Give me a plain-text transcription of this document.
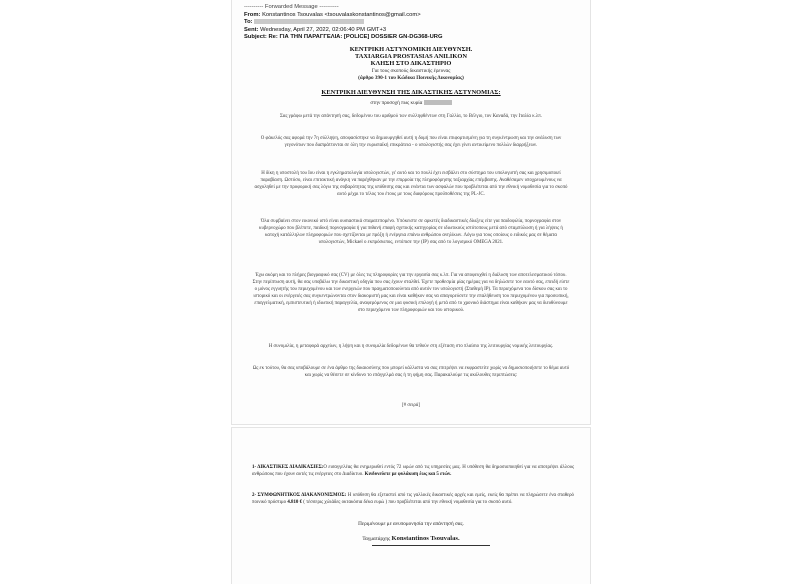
---------- Forwarded Message ----------
From: Konstantinos Tsouvalas <tsouvalaskonstantinos@gmail.com>
To:
Sent: Wednesday, April 27, 2022, 02:06:40 PM GMT+3
Subject: Re: ΓΙΑ ΤΗΝ ΠΑΡΑΓΓΕΛΙΑ: [POLICE] DOSSIER GN-DG368-URG
ΚΕΝΤΡΙΚΗ ΑΣΤΥΝΟΜΙΚΗ ΔΙΕΥΘΥΝΣΗ.
TAXIARGIA PROSTASIAS ANILIKON
ΚΛΗΣΗ ΣΤΟ ΔΙΚΑΣΤΗΡΙΟ
Για τους σκοπούς δικαστικής έρευνας
(άρθρο 390-1 του Κώδικα Ποινικής Δικονομίας)
ΚΕΝΤΡΙΚΗ ΔΙΕΥΘΥΝΣΗ ΤΗΣ ΔΙΚΑΣΤΙΚΗΣ ΑΣΤΥΝΟΜΙΑΣ:
στην προσοχή πως κυρία
Σας γράφω μετά την απάντησή σας, δεδομένου του αριθμού των συλληφθέντων στη Γαλλία, το Βέλγιο, τον Καναδά, την Ιταλία κ.λπ.
Ο φάκελός σας αφορά την 7η σύλληψη, αποφασίστηκε να δημιουργηθεί αυτή η δομή που είναι επιφορτισμένη για τη συγκέντρωση και την ανάλυση των γεγονότων που διαπράττονται σε όλη την ευρωπαϊκή επικράτεια - ο υπολογιστής σας έχει γίνει αντικείμενο πολλών διαρρήξεων.
Η δίκη η υποστολή του Ιου είναι η εγκληματολογία υπολογιστών, γι' αυτό και το πουλί έχει εισβάλει στο σύστημα του υπολογιστή σας και χρησιμοποιεί παραβίαση. Ωστόσο, είναι επιτακτική ανάγκη να παρέχθηκαν με την επιρροία της πληροφόρησης ταξιαρχίας επέμβασης. Αναθέσαμεν υποχρεωμένους να ασχοληθεί με την προφορική σας λόγω της σοβαρότητας της υπόθεσης σας και ενάντια των ασφαλών που προβλέπεται από την εθνική νομοθεσία για το σκοπό αυτό μέχρι το τέλος του έτους με τους διαφόρους προϋποθέσεις της PL-JC.
Όλα συμβαίνει στον εικονικό ιστό είναι ουσιαστικά σταματεπομένο. Υπόκειστε σε αρκετές διαδικαστικές δίωξεις είτε για παιδοφιλία, πορνογραφία στον κυβερνοχώρο που βλέπετε, παιδική πορνογραφία ή για πιθανή επαφή σχετικής κατηγορίας σε ιδιωτικούς ιστότοπους μετά από σταμπύλωση ή για λήψεις ή κατοχή κατάλληλων πληροφοριών που σχετίζονται με πρόξη ή ενέργεια επάνω ανθρώπου ανηλίκων. Λόγω για τους οποίους ο ειδικός μας σε θέματα υπολογιστών, Mickael ο εκπρόσωπος, εντόπισε την (IP) σας από το λογισμικό OMEGA 2021.
Έχω ακόμη και το πλήρες βιογραφικό σας (CV) με όλες τις πληροφορίες για την εργασία σας κ.λπ. Για να αποφευχθεί η διάλυση των αποτελεσματικού τόπου. Στην περίπτωση αυτή, θα σας υποβάλω την δικαστική οδηγία που σας έχουν σταλθεί. Έχετε προθεσμία μίας ημέρας για να δηλώσετε τον εαυτό σας, επειδή είστε ο μόνος εγγυητής του περιεχομένου και των ενεργειών που πραγματοποιούνται από αυτόν τον υπολογιστή (Σταθερή IP). Τα περιεχόμενα του δίσκου σας και το ιστορικό και οι ενέργειές σας συγκεντρώνονται στον διακομιστή μας και είναι καθήκον σας να απαγορεύσετε την επαλήθευση του περιεχομένου για προσωπική, επαγγελματική, εμπιστευτική ή ιδιωτική παραγγελία, αναφερόμενος σε μια φυσική επιλογή ή μετά από το χρονικό διάστημα είναι καθήκον μας να διευθύνουμε στο περιεχόμενο των πληροφοριών και του ιστορικού.
Η συνομιλία, η μεταφορά αρχείων, η λήψη και η συνομιλία δεδομένων θα τεθούν στη εξέταση στο πλαίσιο της λειτουργίας νομικής λειτουργίας.
Ως εκ τούτου, θα σας υποβάλουμε σε ένα άρθρο της δικαιοσύνης που μπορεί κάλλιστα να σας επιτρέψει να εκφραστείτε χωρίς να δημοσιοποιήσετε το θέμα αυτό και χωρίς να θέσετε σε κίνδυνο το επάγγελμά σας ή τη φήμη σας. Παρακαλούμε τις ακόλουθες περιπτώσεις:
[# σειρά]
1- ΔΙΚΑΣΤΙΚΕΣ ΔΙΑΔΙΚΑΣΙΕΣ:Ο εισαγγελέας θα ενημερωθεί εντός 72 ωρών από τις υπηρεσίες μας. Η υπόθεση θα δημοσιοποιηθεί για να αποτρέψει άλλους ανθρώπους που έχουν αυτές τις ενέργειες στο Διαδίκτυο. Κινδυνεύετε με φυλάκιση έως και 5 ετών.
2- ΣΥΜΦΩΝΗΤΙΚΟΣ ΔΙΑΚΑΝΟΝΙΣΜΟΣ: Η υπόθεση θα εξεταστεί από τις γαλλικές δικαστικές αρχές και εμείς, εκείς θα πρέπει να πληρώσετε ένα σταθερό ποινικό πρόστιμο 4.810 € ( τέσσερις χιλιάδες οκτακόσια δέκα ευρώ ) που προβλέπεται από την εθνική νομοθεσία για το σκοπό αυτό.
Περιμένουμε με ανυπομονησία την απάντησή σας.
Ταγματάρχης Konstantinos Tsouvalas.
